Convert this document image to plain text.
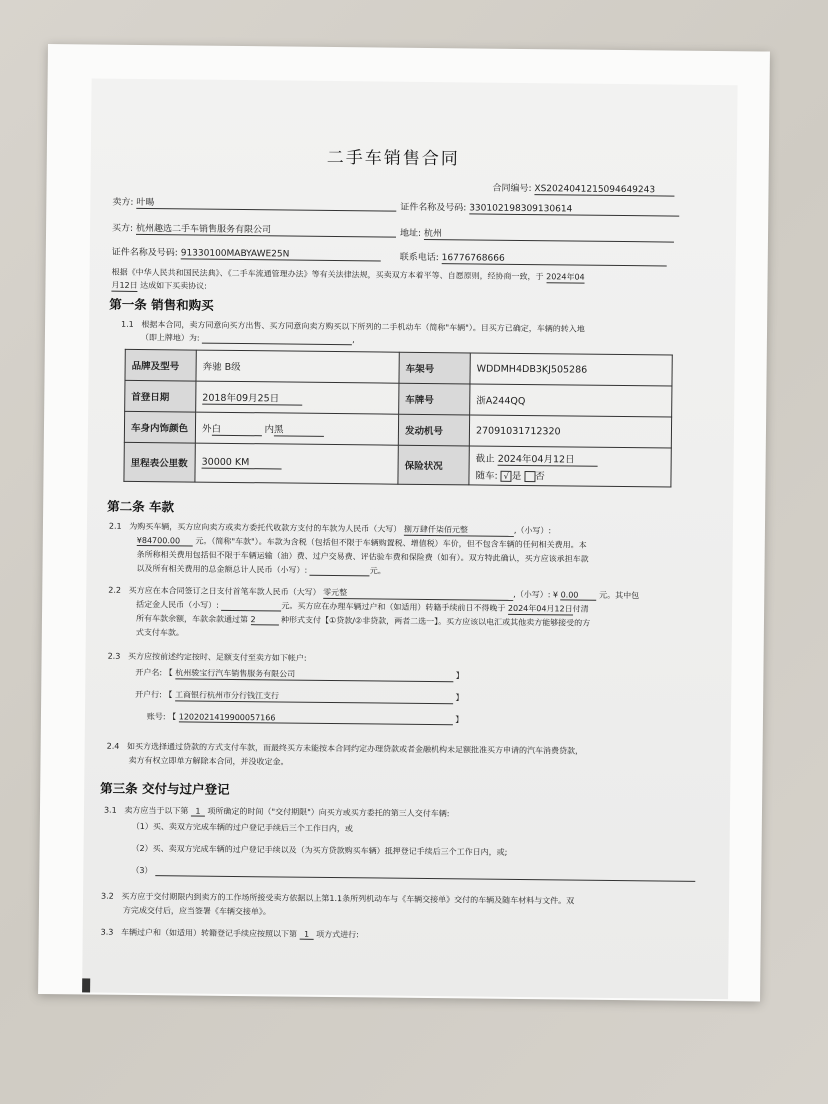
二手车销售合同
合同编号: XS20240412150946492​43
卖方: 叶暘	证件名称及号码: 330102198309130614
买方: 杭州趣选二手车销售服务有限公司	地址: 杭州
证件名称及号码: 91330100MABYAWE25N	联系电话: 16776768666
根据《中华人民共和国民法典》、《二手车流通管理办法》等有关法律法规，买卖双方本着平等、自愿原则，经协商一致，于 2024年04
月12日 达成如下买卖协议:
第一条 销售和购买
1.1 根据本合同，卖方同意向买方出售、买方同意向卖方购买以下所列的二手机动车（简称"车辆"）。目买方已确定，车辆的转入地
（即上牌地）为:	,
品牌及型号	奔驰 B级	车架号	WDDMH4DB3KJ505286
首登日期	2018年09月25日	车牌号	浙A244QQ
车身内饰颜色	外白 内黑	发动机号	27091031712320
里程表公里数	30000 KM	保险状况	截止 2024年04月12日
随车: √ 是 否
第二条 车款
2.1 为购买车辆，买方应向卖方或卖方委托代收款方支付的车款为人民币（大写） 捌万肆仟柒佰元整	,（小写）:
¥84700.00 元。（简称"车款"）。车款为含税（包括但不限于车辆购置税、增值税）车价，但不包含车辆的任何相关费用。本
条所称相关费用包括但不限于车辆运输（油）费、过户交易费、评估验车费和保险费（如有）。双方特此确认，买方应该承担车款
以及所有相关费用的总金额总计人民币（小写）:	元。
2.2 买方应在本合同签订之日支付首笔车款人民币（大写） 零元整	,（小写）: ¥ 0.00	元。其中包
括定金人民币（小写）:	元。买方应在办理车辆过户和（如适用）转籍手续前日不得晚于 2024年04月12日付清
所有车款余额，车款余款通过第 2	种形式支付【①贷款/②非贷款，两者二选一】。买方应该以电汇或其他卖方能够接受的方
式支付车款。
2.3 买方应按前述约定按时、足额支付至卖方如下帐户:
开户名: 【 杭州骏宝行汽车销售服务有限公司	】
开户行: 【 工商银行杭州市分行钱江支行	】
账号: 【 1202021419900057166	】
2.4 如买方选择通过贷款的方式支付车款，而最终买方未能按本合同约定办理贷款或者金融机构未足额批准买方申请的汽车消费贷款，
卖方有权立即单方解除本合同，并没收定金。
第三条 交付与过户登记
3.1 卖方应当于以下第 1 项所确定的时间（"交付期限"）向买方或买方委托的第三人交付车辆:
（1）买、卖双方完成车辆的过户登记手续后三个工作日内，或
（2）买、卖双方完成车辆的过户登记手续以及（为买方贷款购买车辆）抵押登记手续后三个工作日内，或;
（3）
3.2 买方应于交付期限内到卖方的工作场所接受卖方依据以上第1.1条所列机动车与《车辆交接单》交付的车辆及随车材料与文件。双
方完成交付后，应当签署《车辆交接单》。
3.3 车辆过户和（如适用）转籍登记手续应按照以下第 1 项方式进行:
